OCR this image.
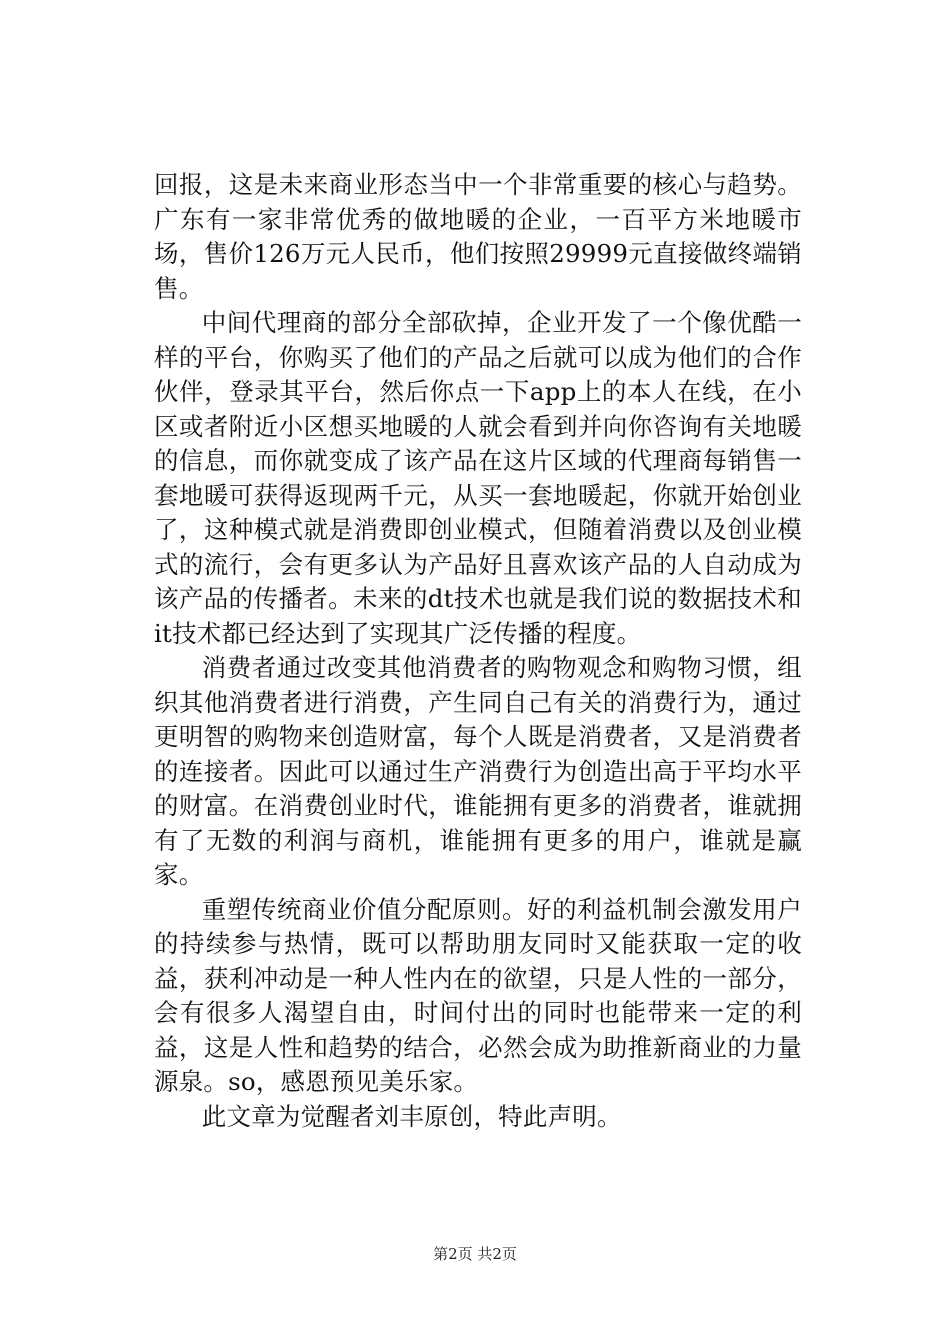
回报，这是未来商业形态当中一个非常重要的核心与趋势。广东有一家非常优秀的做地暖的企业，一百平方米地暖市场，售价126万元人民币，他们按照29999元直接做终端销售。

中间代理商的部分全部砍掉，企业开发了一个像优酷一样的平台，你购买了他们的产品之后就可以成为他们的合作伙伴，登录其平台，然后你点一下app上的本人在线，在小区或者附近小区想买地暖的人就会看到并向你咨询有关地暖的信息，而你就变成了该产品在这片区域的代理商每销售一套地暖可获得返现两千元，从买一套地暖起，你就开始创业了，这种模式就是消费即创业模式，但随着消费以及创业模式的流行，会有更多认为产品好且喜欢该产品的人自动成为该产品的传播者。未来的dt技术也就是我们说的数据技术和it技术都已经达到了实现其广泛传播的程度。

消费者通过改变其他消费者的购物观念和购物习惯，组织其他消费者进行消费，产生同自己有关的消费行为，通过更明智的购物来创造财富，每个人既是消费者，又是消费者的连接者。因此可以通过生产消费行为创造出高于平均水平的财富。在消费创业时代，谁能拥有更多的消费者，谁就拥有了无数的利润与商机，谁能拥有更多的用户，谁就是赢家。

重塑传统商业价值分配原则。好的利益机制会激发用户的持续参与热情，既可以帮助朋友同时又能获取一定的收益，获利冲动是一种人性内在的欲望，只是人性的一部分，会有很多人渴望自由，时间付出的同时也能带来一定的利益，这是人性和趋势的结合，必然会成为助推新商业的力量源泉。so，感恩预见美乐家。

此文章为觉醒者刘丰原创，特此声明。

第2页 共2页
